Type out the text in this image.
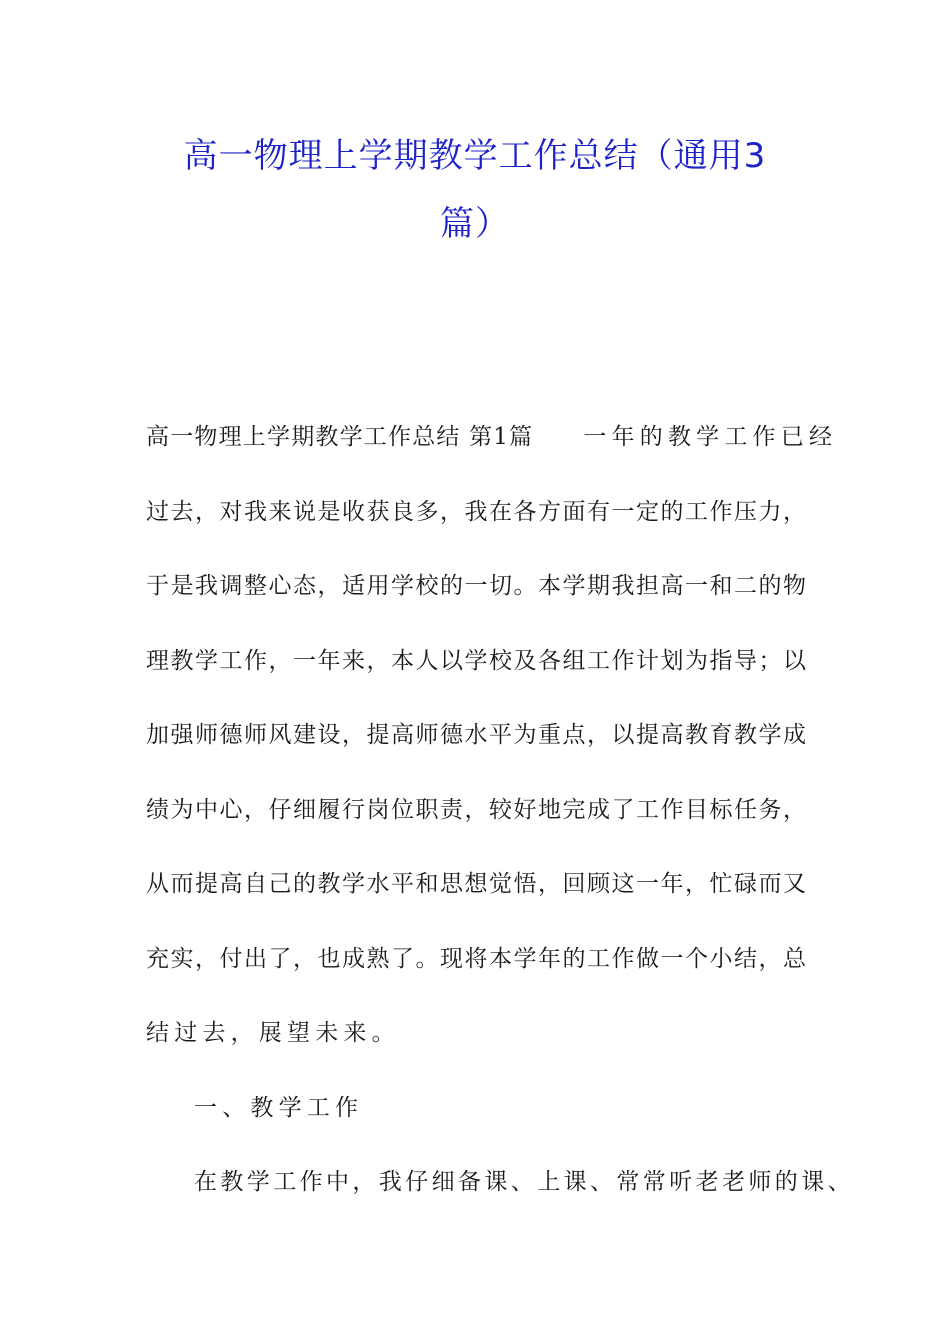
高一物理上学期教学工作总结（通用3
篇）
高一物理上学期教学工作总结 第1篇 一年的教学工作已经
过去，对我来说是收获良多，我在各方面有一定的工作压力，
于是我调整心态，适用学校的一切。本学期我担高一和二的物
理教学工作，一年来，本人以学校及各组工作计划为指导；以
加强师德师风建设，提高师德水平为重点，以提高教育教学成
绩为中心，仔细履行岗位职责，较好地完成了工作目标任务，
从而提高自己的教学水平和思想觉悟，回顾这一年，忙碌而又
充实，付出了，也成熟了。现将本学年的工作做一个小结，总
结过去，展望未来。
一、教学工作
在教学工作中，我仔细备课、上课、常常听老老师的课、
